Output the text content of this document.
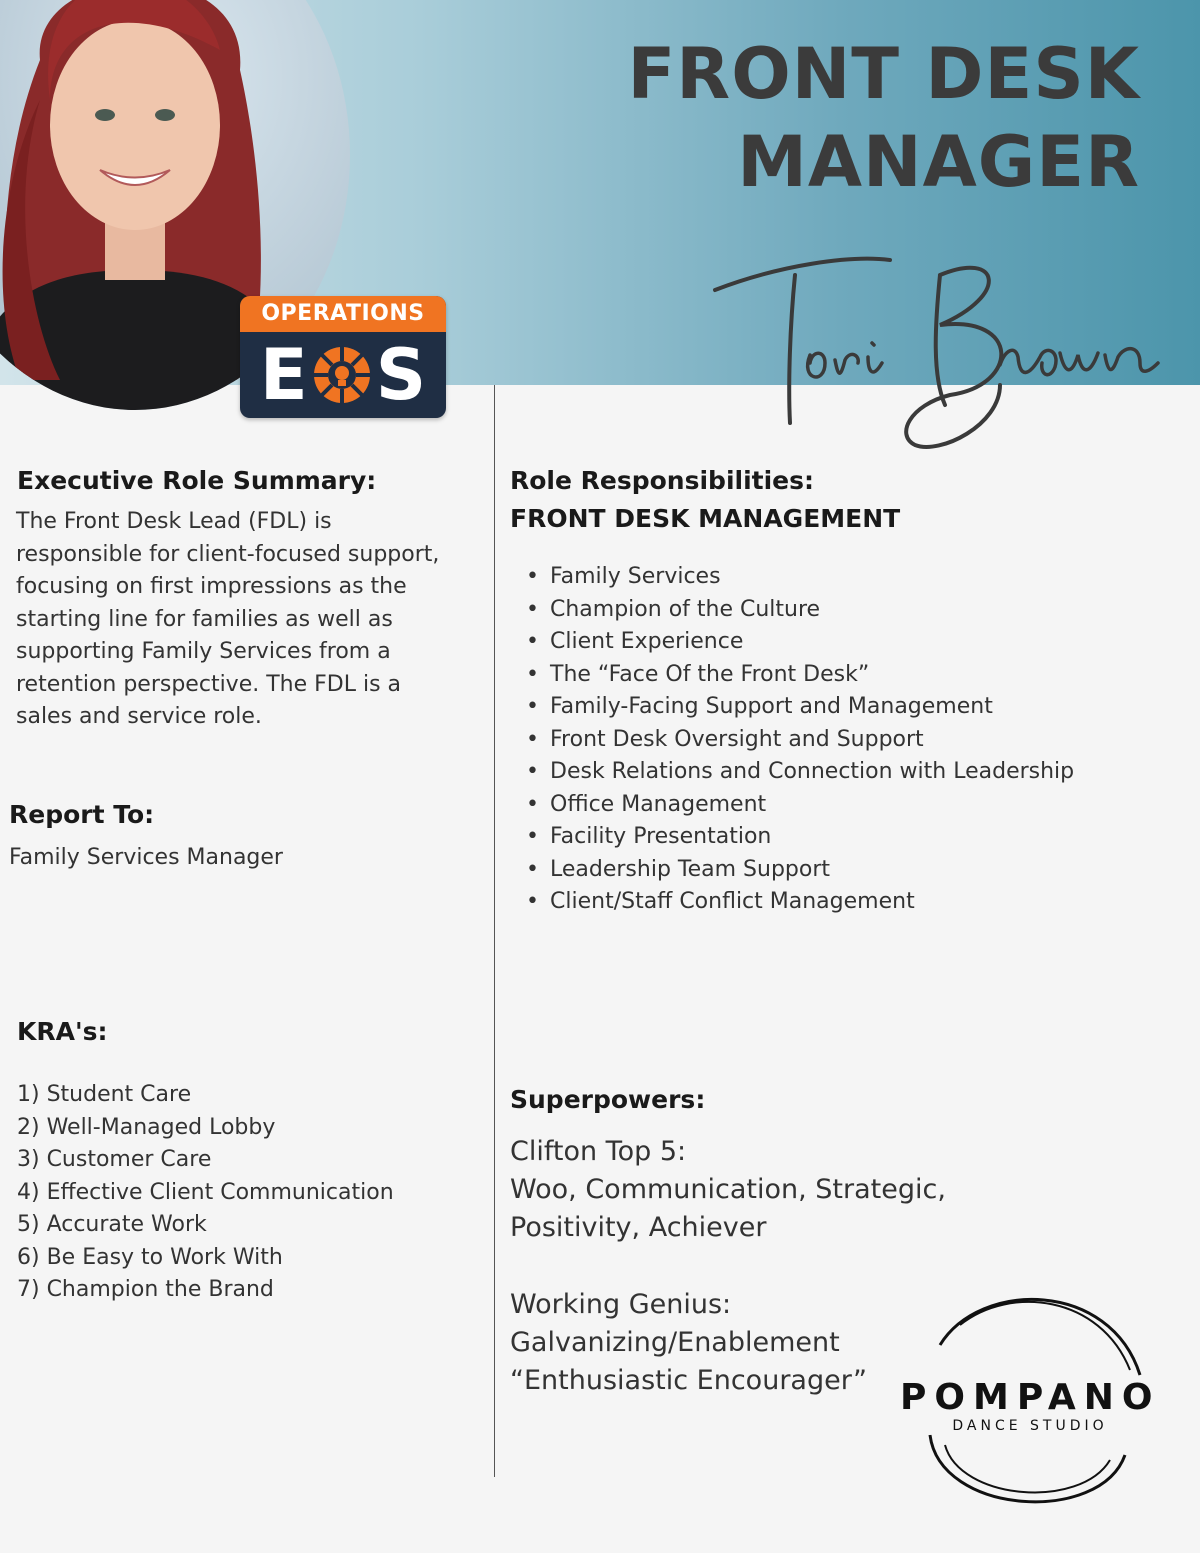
OPERATIONS
E S
FRONT DESK
MANAGER
Executive Role Summary:
The Front Desk Lead (FDL) is
responsible for client-focused support,
focusing on first impressions as the
starting line for families as well as
supporting Family Services from a
retention perspective. The FDL is a
sales and service role.
Report To:
Family Services Manager
KRA's:
1) Student Care
2) Well-Managed Lobby
3) Customer Care
4) Effective Client Communication
5) Accurate Work
6) Be Easy to Work With
7) Champion the Brand
Role Responsibilities:
FRONT DESK MANAGEMENT
• Family Services
• Champion of the Culture
• Client Experience
• The “Face Of the Front Desk”
• Family-Facing Support and Management
• Front Desk Oversight and Support
• Desk Relations and Connection with Leadership
• Office Management
• Facility Presentation
• Leadership Team Support
• Client/Staff Conflict Management
Superpowers:
Clifton Top 5:
Woo, Communication, Strategic,
Positivity, Achiever
Working Genius:
Galvanizing/Enablement
“Enthusiastic Encourager” POMPANO
DANCE STUDIO
